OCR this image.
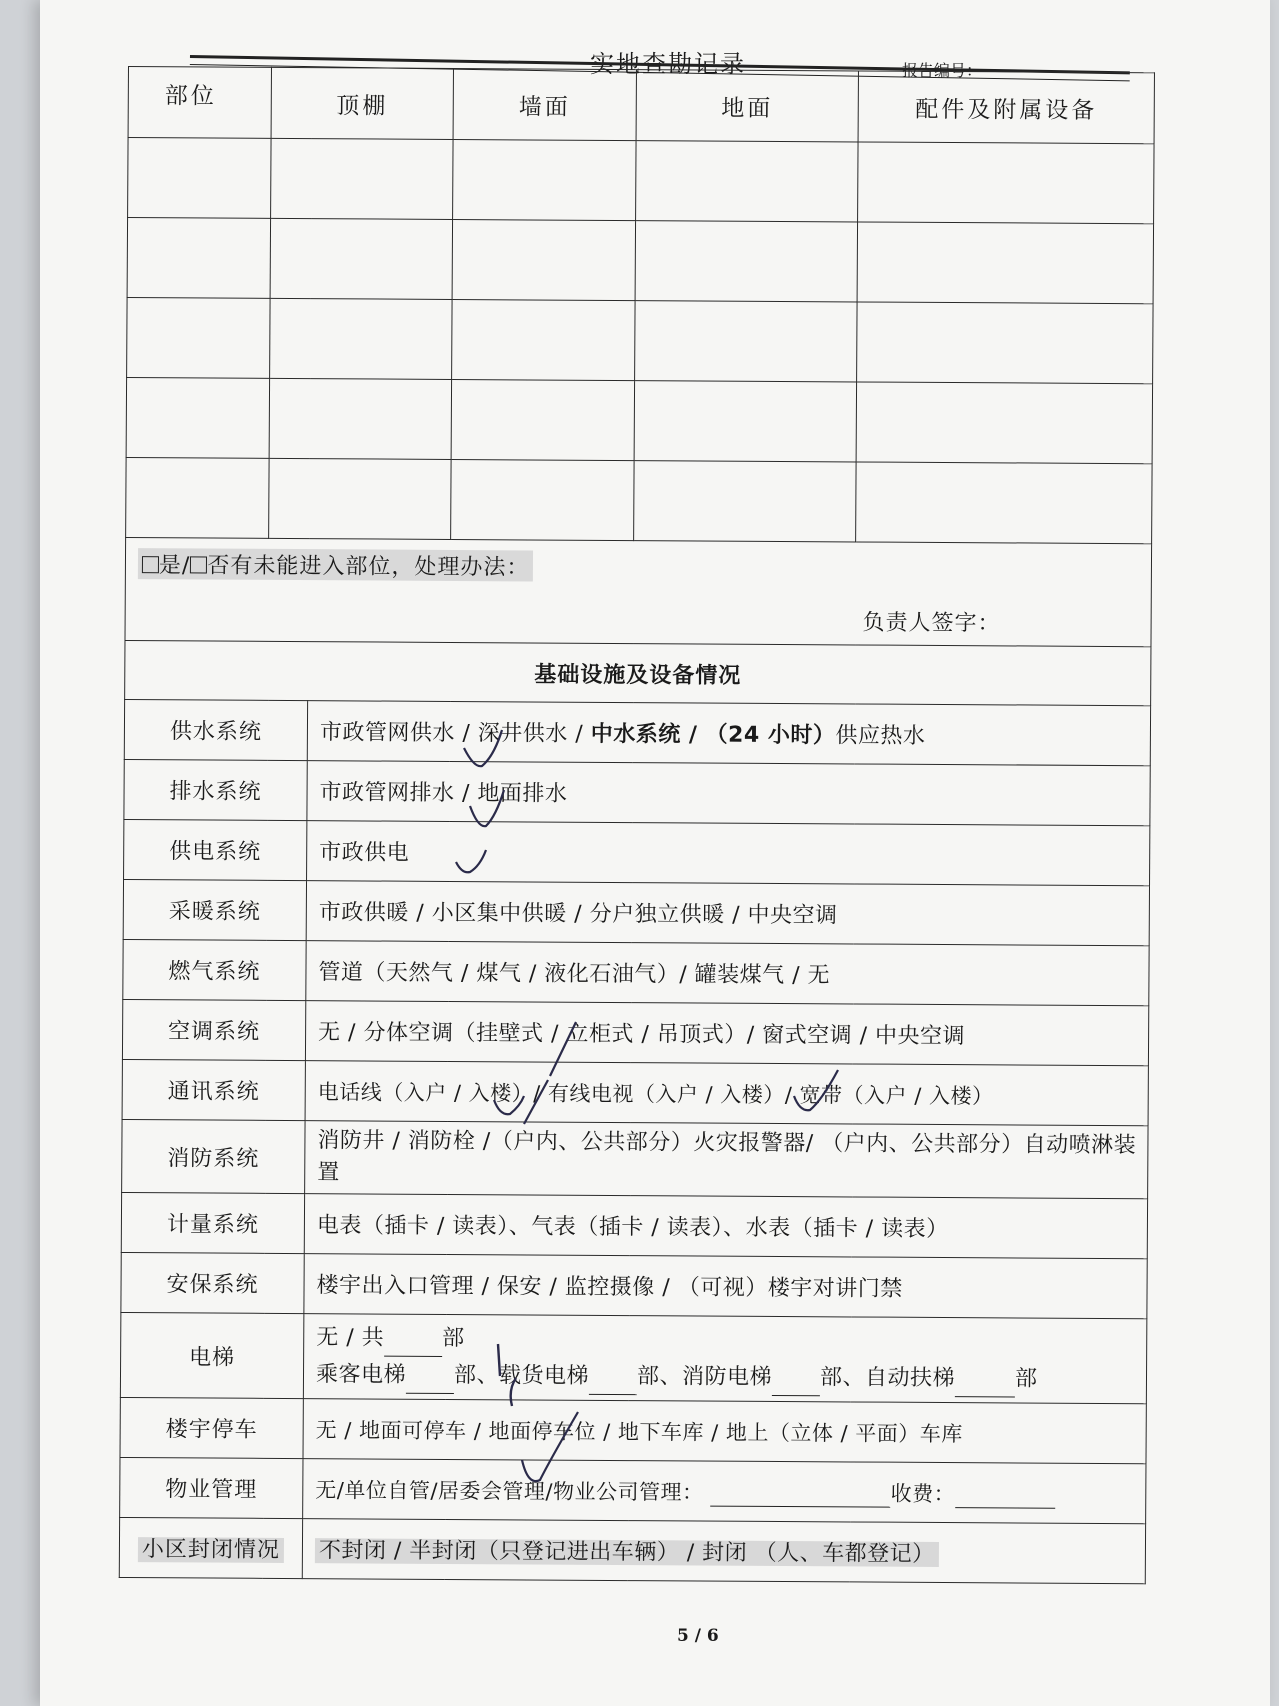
实地查勘记录	报告编号：
部位	顶棚		墙面	地面	配件及附属设备

是/ 否有未能进入部位，处理办法：
负责人签字：					

基础设施及设备情况					
供水系统		市政管网供水 / 深井供水 / 中水系统 / （24 小时）供应热水			
排水系统		市政管网排水 / 地面排水			
供电系统		市政供电			
采暖系统		市政供暖 / 小区集中供暖 / 分户独立供暖 / 中央空调			
燃气系统		管道（天然气 / 煤气 / 液化石油气）/ 罐装煤气 / 无			
空调系统		无 / 分体空调（挂壁式 / 立柜式 / 吊顶式）/ 窗式空调 / 中央空调			
通讯系统		电话线（入户 / 入楼）/ 有线电视（入户 / 入楼）/ 宽带（入户 / 入楼）			
消防系统		消防井 / 消防栓 /（户内、公共部分）火灾报警器/ （户内、公共部分）自动喷淋装置			
计量系统		电表（插卡 / 读表）、气表（插卡 / 读表）、水表（插卡 / 读表）			
安保系统		楼宇出入口管理 / 保安 / 监控摄像 / （可视）楼宇对讲门禁			
电梯		无 / 共 部
乘客电梯 部、载货电梯 部、消防电梯 部、自动扶梯 部			

楼宇停车		无 / 地面可停车 / 地面停车位 / 地下车库 / 地上（立体 / 平面）车库			
物业管理		无/单位自管/居委会管理/物业公司管理： 收费：			
小区封闭情况		不封闭 / 半封闭（只登记进出车辆） / 封闭 （人、车都登记）			
5 / 6
